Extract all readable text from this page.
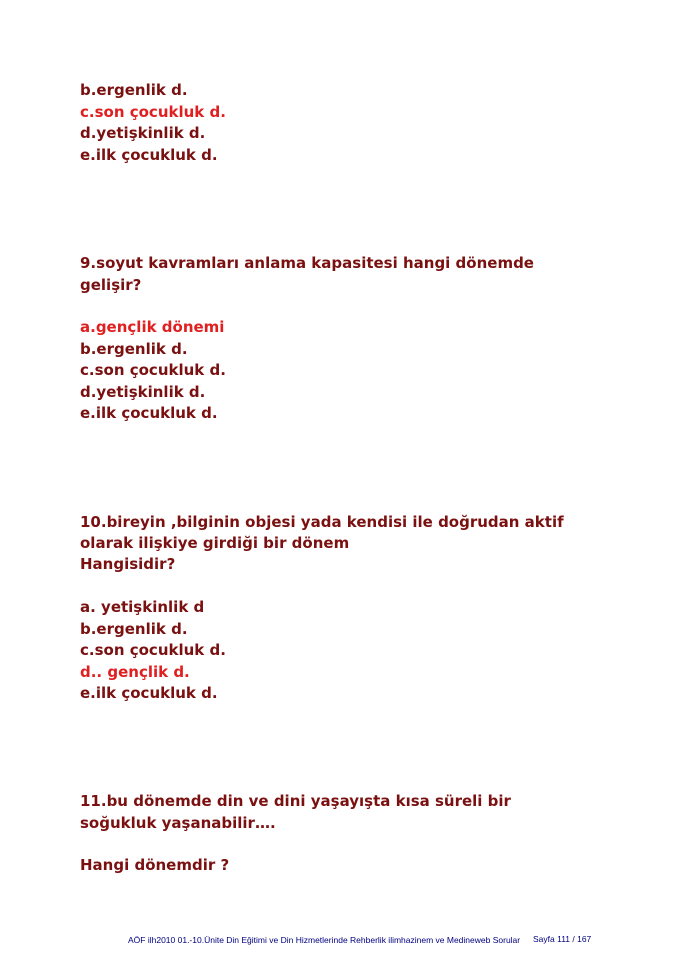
b.ergenlik d.
c.son çocukluk d.
d.yetişkinlik d.
e.ilk çocukluk d.
9.soyut kavramları anlama kapasitesi hangi dönemde
gelişir?
a.gençlik dönemi
b.ergenlik d.
c.son çocukluk d.
d.yetişkinlik d.
e.ilk çocukluk d.
10.bireyin ,bilginin objesi yada kendisi ile doğrudan aktif
olarak ilişkiye girdiği bir dönem
Hangisidir?
a. yetişkinlik d
b.ergenlik d.
c.son çocukluk d.
d.. gençlik d.
e.ilk çocukluk d.
11.bu dönemde din ve dini yaşayışta kısa süreli bir
soğukluk yaşanabilir….
Hangi dönemdir ?
AÖF ilh2010 01.-10.Ünite Din Eğitimi ve Din Hizmetlerinde Rehberlik ilimhazinem ve Medineweb Sorular Sayfa 111 / 167
